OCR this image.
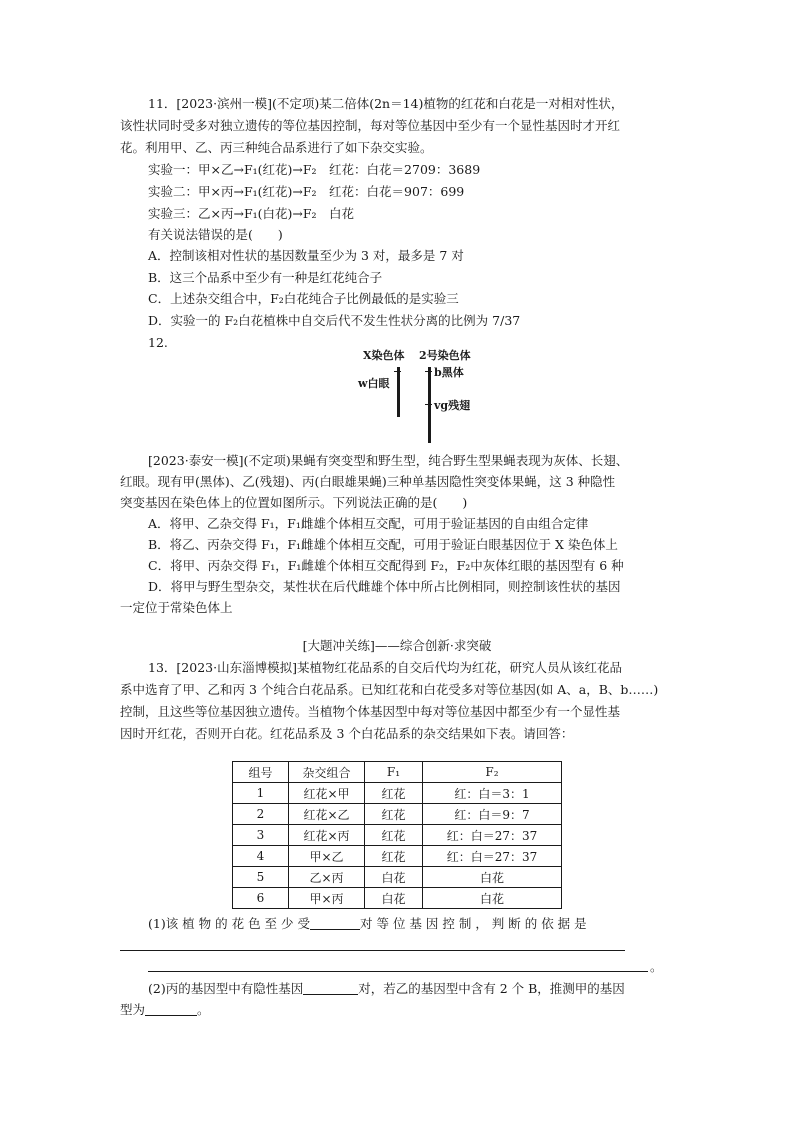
11．[2023·滨州一模](不定项)某二倍体(2n＝14)植物的红花和白花是一对相对性状，
该性状同时受多对独立遗传的等位基因控制，每对等位基因中至少有一个显性基因时才开红
花。利用甲、乙、丙三种纯合品系进行了如下杂交实验。
实验一：甲×乙→F₁(红花)→F₂　红花：白花＝2709：3689
实验二：甲×丙→F₁(红花)→F₂　红花：白花＝907：699
实验三：乙×丙→F₁(白花)→F₂　白花
有关说法错误的是(　　)
A．控制该相对性状的基因数量至少为 3 对，最多是 7 对
B．这三个品系中至少有一种是红花纯合子
C．上述杂交组合中，F₂白花纯合子比例最低的是实验三
D．实验一的 F₂白花植株中自交后代不发生性状分离的比例为 7/37
12.
X染色体 2号染色体
w白眼
b黑体
vg残翅
[2023·泰安一模](不定项)果蝇有突变型和野生型，纯合野生型果蝇表现为灰体、长翅、
红眼。现有甲(黑体)、乙(残翅)、丙(白眼雄果蝇)三种单基因隐性突变体果蝇，这 3 种隐性
突变基因在染色体上的位置如图所示。下列说法正确的是(　　)
A．将甲、乙杂交得 F₁，F₁雌雄个体相互交配，可用于验证基因的自由组合定律
B．将乙、丙杂交得 F₁，F₁雌雄个体相互交配，可用于验证白眼基因位于 X 染色体上
C．将甲、丙杂交得 F₁，F₁雌雄个体相互交配得到 F₂，F₂中灰体红眼的基因型有 6 种
D．将甲与野生型杂交，某性状在后代雌雄个体中所占比例相同，则控制该性状的基因
一定位于常染色体上
[大题冲关练]——综合创新·求突破
13．[2023·山东淄博模拟]某植物红花品系的自交后代均为红花，研究人员从该红花品
系中选育了甲、乙和丙 3 个纯合白花品系。已知红花和白花受多对等位基因(如 A、a，B、b……)
控制，且这些等位基因独立遗传。当植物个体基因型中每对等位基因中都至少有一个显性基
因时开红花，否则开白花。红花品系及 3 个白花品系的杂交结果如下表。请回答：
组号	杂交组合	F₁	F₂
1	红花×甲	红花	红：白＝3：1
2	红花×乙	红花	红：白＝9：7
3	红花×丙	红花	红：白＝27：37
4	甲×乙	红花	红：白＝27：37
5	乙×丙	白花	白花
6	甲×丙	白花	白花
(1)该 植 物 的 花 色 至 少 受	对 等 位 基 因 控 制 ， 判 断 的 依 据 是
。
(2)丙的基因型中有隐性基因	对，若乙的基因型中含有 2 个 B，推测甲的基因
型为	。
